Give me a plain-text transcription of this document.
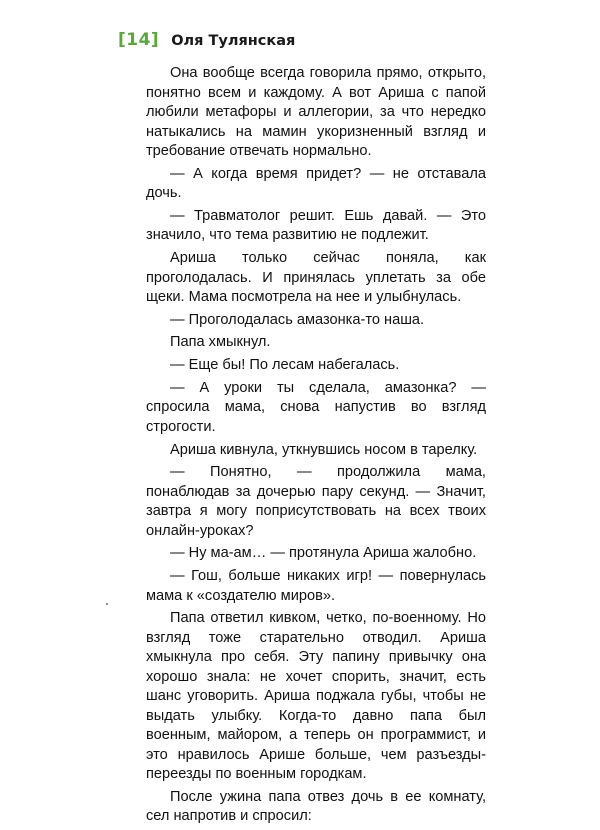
[14] Оля Тулянская

Она вообще всегда говорила прямо, открыто, понятно всем и каждому. А вот Ариша с папой любили метафоры и аллегории, за что нередко натыкались на мамин укоризненный взгляд и требование отвечать нормально.

— А когда время придет? — не отставала дочь.

— Травматолог решит. Ешь давай. — Это значило, что тема развитию не подлежит.

Ариша только сейчас поняла, как проголодалась. И принялась уплетать за обе щеки. Мама посмотрела на нее и улыбнулась.

— Проголодалась амазонка-то наша.

Папа хмыкнул.

— Еще бы! По лесам набегалась.

— А уроки ты сделала, амазонка? — спросила мама, снова напустив во взгляд строгости.

Ариша кивнула, уткнувшись носом в тарелку.

— Понятно, — продолжила мама, понаблюдав за дочерью пару секунд. — Значит, завтра я могу поприсутствовать на всех твоих онлайн-уроках?

— Ну ма-ам… — протянула Ариша жалобно.

— Гош, больше никаких игр! — повернулась мама к «создателю миров».

Папа ответил кивком, четко, по-военному. Но взгляд тоже старательно отводил. Ариша хмыкнула про себя. Эту папину привычку она хорошо знала: не хочет спорить, значит, есть шанс уговорить. Ариша поджала губы, чтобы не выдать улыбку. Когда-то давно папа был военным, майором, а теперь он программист, и это нравилось Арише больше, чем разъезды-переезды по военным городкам.

После ужина папа отвез дочь в ее комнату, сел напротив и спросил:
